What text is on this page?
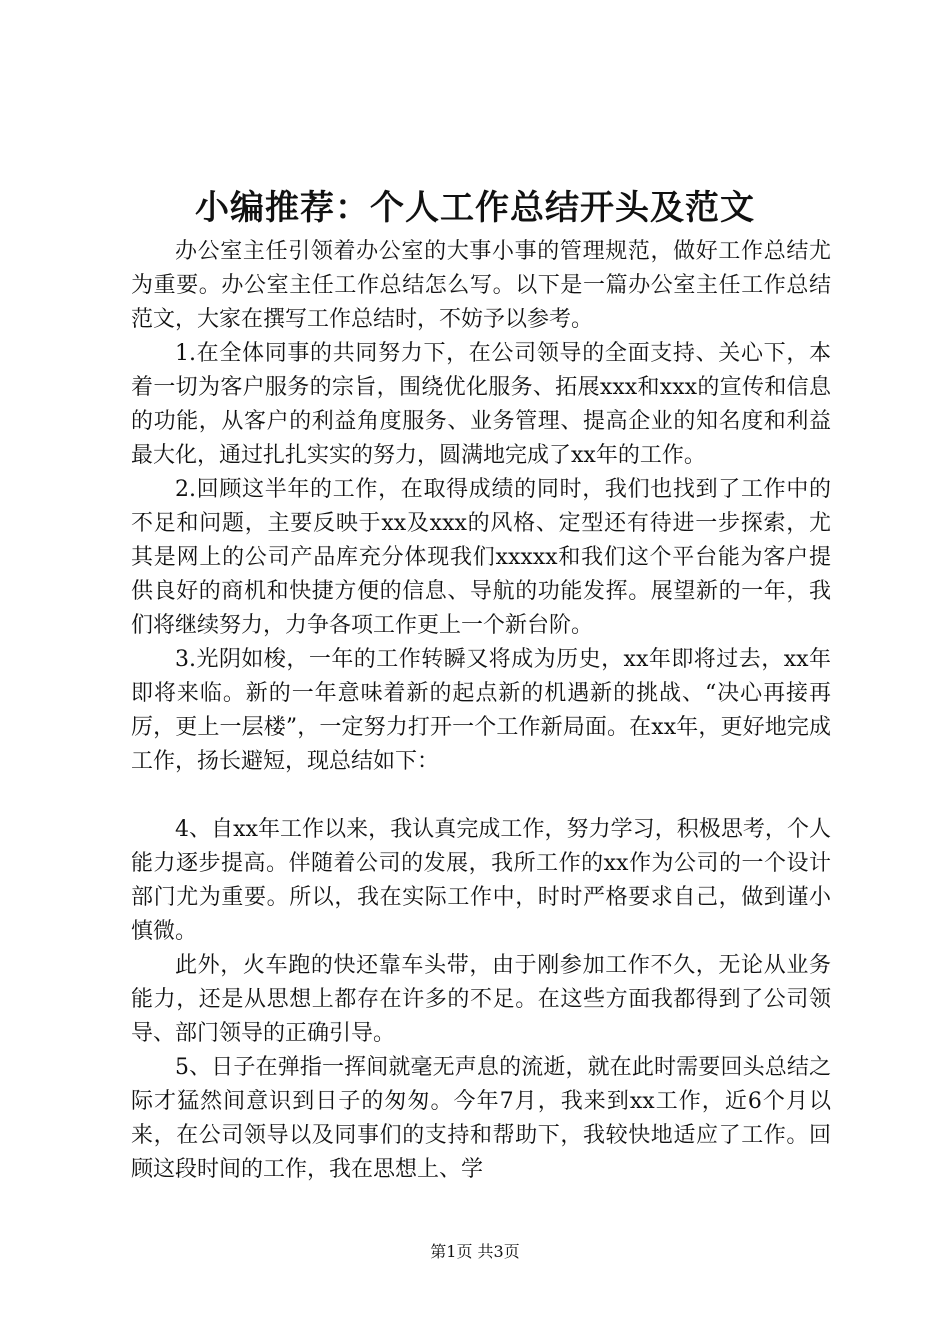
小编推荐：个人工作总结开头及范文

办公室主任引领着办公室的大事小事的管理规范，做好工作总结尤为重要。办公室主任工作总结怎么写。以下是一篇办公室主任工作总结范文，大家在撰写工作总结时，不妨予以参考。

1.在全体同事的共同努力下，在公司领导的全面支持、关心下，本着一切为客户服务的宗旨，围绕优化服务、拓展xxx和xxx的宣传和信息的功能，从客户的利益角度服务、业务管理、提高企业的知名度和利益最大化，通过扎扎实实的努力，圆满地完成了xx年的工作。

2.回顾这半年的工作，在取得成绩的同时，我们也找到了工作中的不足和问题，主要反映于xx及xxx的风格、定型还有待进一步探索，尤其是网上的公司产品库充分体现我们xxxxx和我们这个平台能为客户提供良好的商机和快捷方便的信息、导航的功能发挥。展望新的一年，我们将继续努力，力争各项工作更上一个新台阶。

3.光阴如梭，一年的工作转瞬又将成为历史，xx年即将过去，xx年即将来临。新的一年意味着新的起点新的机遇新的挑战、“决心再接再厉，更上一层楼”，一定努力打开一个工作新局面。在xx年，更好地完成工作，扬长避短，现总结如下：

4、自xx年工作以来，我认真完成工作，努力学习，积极思考，个人能力逐步提高。伴随着公司的发展，我所工作的xx作为公司的一个设计部门尤为重要。所以，我在实际工作中，时时严格要求自己，做到谨小慎微。

此外，火车跑的快还靠车头带，由于刚参加工作不久，无论从业务能力，还是从思想上都存在许多的不足。在这些方面我都得到了公司领导、部门领导的正确引导。

5、日子在弹指一挥间就毫无声息的流逝，就在此时需要回头总结之际才猛然间意识到日子的匆匆。今年7月，我来到xx工作，近6个月以来，在公司领导以及同事们的支持和帮助下，我较快地适应了工作。回顾这段时间的工作，我在思想上、学

第1页 共3页
